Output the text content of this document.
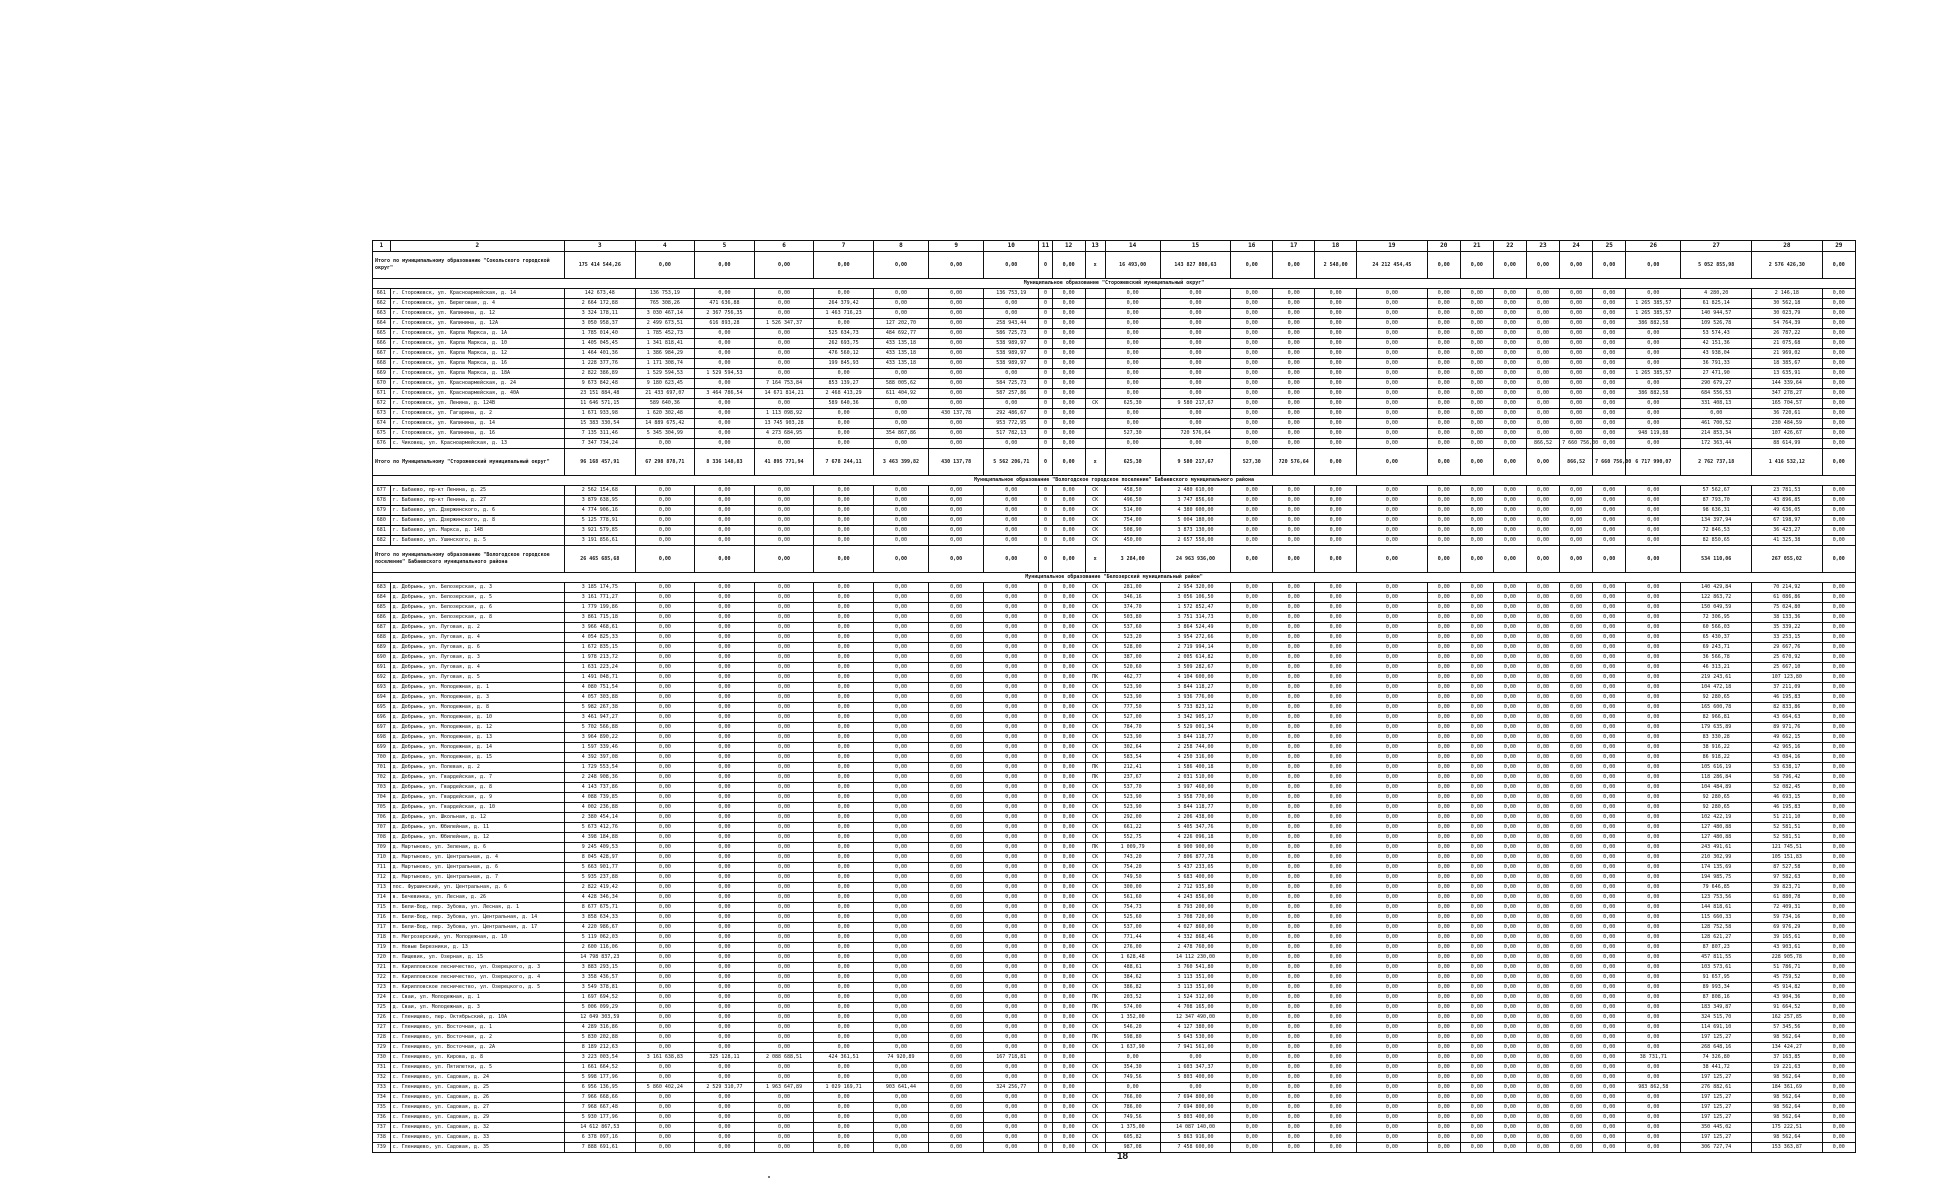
1	2	3	4	5	6	7	8	9	10	11	12	13	14	15	16	17	18	19	20	21	22	23	24	25	26	27	28	29
Итого по муниципальному образованию "Сокольского городской округ"		175 414 544,26	0,00	0,00	0,00	0,00	0,00	0,00	0,00	0	0,00	x	16 493,00	143 827 808,63	0,00	0,00	2 548,00	24 212 454,45	0,00	0,00	0,00	0,00	0,00	0,00	0,00	5 052 855,98	2 576 426,30	0,00
Муниципальное образование "Сторожевский муниципальный округ"																												
661	г. Сторожевск, ул. Красноармейская, д. 14	142 673,48	136 753,19	0,00	0,00	0,00	0,00	0,00	136 753,19	0	0,00		0,00	0,00	0,00	0,00	0,00	0,00	0,00	0,00	0,00	0,00	0,00	0,00	0,00	4 280,20	2 146,18	0,00
662	г. Сторожевск, ул. Береговая, д. 4	2 664 172,88	765 308,26	471 636,88	0,00	264 379,42	0,00	0,00	0,00	0	0,00		0,00	0,00	0,00	0,00	0,00	0,00	0,00	0,00	0,00	0,00	0,00	0,00	1 265 385,57	61 825,14	30 562,18	0,00
663	г. Сторожевск, ул. Калинина, д. 12	3 324 178,11	3 030 467,14	2 367 756,35	0,00	1 463 716,23	0,00	0,00	0,00	0	0,00		0,00	0,00	0,00	0,00	0,00	0,00	0,00	0,00	0,00	0,00	0,00	0,00	1 265 385,57	140 944,57	30 023,79	0,00
664	г. Сторожевск, ул. Калинина, д. 12А	3 050 958,37	2 499 673,51	616 893,28	1 526 347,37	0,00	127 202,70	0,00	258 943,44	0	0,00		0,00	0,00	0,00	0,00	0,00	0,00	0,00	0,00	0,00	0,00	0,00	0,00	386 882,58	109 526,78	54 764,39	0,00
665	г. Сторожевск, ул. Карла Маркса, д. 1А	1 785 014,40	1 785 452,73	0,00	0,00	525 634,73	484 692,77	0,00	586 725,73	0	0,00		0,00	0,00	0,00	0,00	0,00	0,00	0,00	0,00	0,00	0,00	0,00	0,00	0,00	53 574,43	26 787,22	0,00
666	г. Сторожевск, ул. Карла Маркса, д. 10	1 405 045,45	1 341 818,41	0,00	0,00	262 693,75	433 135,18	0,00	538 989,97	0	0,00		0,00	0,00	0,00	0,00	0,00	0,00	0,00	0,00	0,00	0,00	0,00	0,00	0,00	42 151,36	21 075,68	0,00
667	г. Сторожевск, ул. Карла Маркса, д. 12	1 464 401,36	1 386 984,29	0,00	0,00	476 560,12	433 135,18	0,00	538 989,97	0	0,00		0,00	0,00	0,00	0,00	0,00	0,00	0,00	0,00	0,00	0,00	0,00	0,00	0,00	43 938,04	21 969,02	0,00
668	г. Сторожевск, ул. Карла Маркса, д. 16	1 228 377,76	1 171 308,74	0,00	0,00	199 845,93	433 135,18	0,00	538 989,97	0	0,00		0,00	0,00	0,00	0,00	0,00	0,00	0,00	0,00	0,00	0,00	0,00	0,00	0,00	36 791,33	18 385,67	0,00
669	г. Сторожевск, ул. Карла Маркса, д. 18А	2 822 386,89	1 529 594,53	1 529 594,53	0,00	0,00	0,00	0,00	0,00	0	0,00		0,00	0,00	0,00	0,00	0,00	0,00	0,00	0,00	0,00	0,00	0,00	0,00	1 265 385,57	27 471,90	13 635,91	0,00
670	г. Сторожевск, ул. Красноармейская, д. 24	9 673 842,48	9 180 623,45	0,00	7 164 753,84	853 139,27	588 005,62	0,00	584 725,73	0	0,00		0,00	0,00	0,00	0,00	0,00	0,00	0,00	0,00	0,00	0,00	0,00	0,00	0,00	290 679,27	144 339,64	0,00
671	г. Сторожевск, ул. Красноармейская, д. 40А	23 151 884,48	21 433 697,07	3 464 786,54	14 671 814,21	2 468 413,29	611 404,92	0,00	587 257,86	0	0,00		0,00	0,00	0,00	0,00	0,00	0,00	0,00	0,00	0,00	0,00	0,00	0,00	386 882,58	684 556,53	347 278,27	0,00
672	г. Сторожевск, ул. Ленина, д. 124В	11 646 571,15	589 640,36	0,00	0,00	589 640,36	0,00	0,00	0,00	0	0,00	СК	625,30	9 580 217,67	0,00	0,00	0,00	0,00	0,00	0,00	0,00	0,00	0,00	0,00	0,00	331 408,13	165 704,57	0,00
673	г. Сторожевск, ул. Гагарина, д. 2	1 671 933,98	1 620 302,48	0,00	1 113 098,92	0,00	0,00	430 137,78	292 486,67	0	0,00		0,00	0,00	0,00	0,00	0,00	0,00	0,00	0,00	0,00	0,00	0,00	0,00	0,00	0,00	36 720,61	0,00
674	г. Сторожевск, ул. Калинина, д. 14	15 383 330,54	14 889 675,42	0,00	13 745 903,28	0,00	0,00	0,00	953 772,95	0	0,00		0,00	0,00	0,00	0,00	0,00	0,00	0,00	0,00	0,00	0,00	0,00	0,00	0,00	461 700,52	230 484,59	0,00
675	г. Сторожевск, ул. Калинина, д. 16	7 135 311,46	5 345 304,99	0,00	4 273 684,95	0,00	354 867,86	0,00	517 782,13	0	0,00		527,30	720 576,64	0,00	0,00	0,00	0,00	0,00	0,00	0,00	0,00	0,00	0,00	948 119,88	214 853,34	107 426,67	0,00
676	с. Чиковец, ул. Красноармейская, д. 13	7 347 734,24	0,00	0,00	0,00	0,00	0,00	0,00	0,00	0	0,00		0,00	0,00	0,00	0,00	0,00	0,00	0,00	0,00	0,00	866,52	7 660 756,00	0,00	0,00	172 363,44	88 614,99	0,00
Итого по Муниципальному "Сторожевский муниципальный округ"		96 168 457,91	67 298 878,71	8 336 148,83	41 895 771,94	7 678 244,11	3 463 399,82	430 137,78	5 562 206,71	0	0,00	x	625,30	9 580 217,67	527,30	720 576,64	0,00	0,00	0,00	0,00	0,00	0,00	866,52	7 660 756,00	6 717 990,07	2 762 737,18	1 416 532,12	0,00
Муниципальное образование "Вологодское городское поселение" Бабаевского муниципального района																												
677	г. Бабаево, пр-кт Ленина, д. 25	2 562 154,68	0,00	0,00	0,00	0,00	0,00	0,00	0,00	0	0,00	СК	458,50	2 480 610,00	0,00	0,00	0,00	0,00	0,00	0,00	0,00	0,00	0,00	0,00	0,00	57 562,67	23 781,53	0,00
678	г. Бабаево, пр-кт Ленина, д. 27	3 879 638,95	0,00	0,00	0,00	0,00	0,00	0,00	0,00	0	0,00	СК	496,50	3 747 856,60	0,00	0,00	0,00	0,00	0,00	0,00	0,00	0,00	0,00	0,00	0,00	87 793,70	43 896,85	0,00
679	г. Бабаево, ул. Дзержинского, д. 6	4 774 906,16	0,00	0,00	0,00	0,00	0,00	0,00	0,00	0	0,00	СК	514,00	4 380 600,00	0,00	0,00	0,00	0,00	0,00	0,00	0,00	0,00	0,00	0,00	0,00	98 636,31	49 636,05	0,00
680	г. Бабаево, ул. Дзержинского, д. 8	5 125 778,91	0,00	0,00	0,00	0,00	0,00	0,00	0,00	0	0,00	СК	754,00	5 004 180,00	0,00	0,00	0,00	0,00	0,00	0,00	0,00	0,00	0,00	0,00	0,00	134 397,94	67 198,97	0,00
681	г. Бабаево, ул. Маркса, д. 14В	3 921 579,85	0,00	0,00	0,00	0,00	0,00	0,00	0,00	0	0,00	СК	508,90	3 873 130,00	0,00	0,00	0,00	0,00	0,00	0,00	0,00	0,00	0,00	0,00	0,00	72 846,53	36 423,27	0,00
682	г. Бабаево, ул. Ушинского, д. 5	3 191 856,61	0,00	0,00	0,00	0,00	0,00	0,00	0,00	0	0,00	СК	450,00	2 657 550,00	0,00	0,00	0,00	0,00	0,00	0,00	0,00	0,00	0,00	0,00	0,00	82 850,65	41 325,38	0,00
Итого по муниципальному образованию "Вологодское городское поселение" Бабаевского муниципального района		26 465 685,68	0,00	0,00	0,00	0,00	0,00	0,00	0,00	0	0,00	x	3 284,00	24 963 936,00	0,00	0,00	0,00	0,00	0,00	0,00	0,00	0,00	0,00	0,00	0,00	534 110,06	267 055,02	0,00
Муниципальное образование "Белозерский муниципальный район"																												
683	д. Добрынь, ул. Белозерская, д. 3	3 185 174,75	0,00	0,00	0,00	0,00	0,00	0,00	0,00	0	0,00	СК	281,00	2 954 320,00	0,00	0,00	0,00	0,00	0,00	0,00	0,00	0,00	0,00	0,00	0,00	140 429,84	70 214,92	0,00
684	д. Добрынь, ул. Белозерская, д. 5	3 161 771,27	0,00	0,00	0,00	0,00	0,00	0,00	0,00	0	0,00	СК	346,16	3 056 106,50	0,00	0,00	0,00	0,00	0,00	0,00	0,00	0,00	0,00	0,00	0,00	122 863,72	61 086,86	0,00
685	д. Добрынь, ул. Белозерская, д. 6	1 779 199,86	0,00	0,00	0,00	0,00	0,00	0,00	0,00	0	0,00	СК	374,70	1 572 852,47	0,00	0,00	0,00	0,00	0,00	0,00	0,00	0,00	0,00	0,00	0,00	150 049,59	75 024,80	0,00
686	д. Добрынь, ул. Белозерская, д. 8	3 861 715,18	0,00	0,00	0,00	0,00	0,00	0,00	0,00	0	0,00	СК	503,80	3 751 314,73	0,00	0,00	0,00	0,00	0,00	0,00	0,00	0,00	0,00	0,00	0,00	72 306,95	38 133,36	0,00
687	д. Добрынь, ул. Луговая, д. 2	3 966 468,61	0,00	0,00	0,00	0,00	0,00	0,00	0,00	0	0,00	СК	537,60	3 864 524,49	0,00	0,00	0,00	0,00	0,00	0,00	0,00	0,00	0,00	0,00	0,00	60 566,03	35 339,22	0,00
688	д. Добрынь, ул. Луговая, д. 4	4 054 825,33	0,00	0,00	0,00	0,00	0,00	0,00	0,00	0	0,00	СК	523,20	3 954 272,66	0,00	0,00	0,00	0,00	0,00	0,00	0,00	0,00	0,00	0,00	0,00	65 430,37	33 253,15	0,00
689	д. Добрынь, ул. Луговая, д. 6	1 672 835,15	0,00	0,00	0,00	0,00	0,00	0,00	0,00	0	0,00	СК	528,00	2 719 994,14	0,00	0,00	0,00	0,00	0,00	0,00	0,00	0,00	0,00	0,00	0,00	69 243,71	29 667,76	0,00
690	д. Добрынь, ул. Луговая, д. 3	1 978 213,72	0,00	0,00	0,00	0,00	0,00	0,00	0,00	0	0,00	СК	387,00	2 005 614,82	0,00	0,00	0,00	0,00	0,00	0,00	0,00	0,00	0,00	0,00	0,00	36 566,78	25 670,92	0,00
691	д. Добрынь, ул. Луговая, д. 4	1 631 223,24	0,00	0,00	0,00	0,00	0,00	0,00	0,00	0	0,00	СК	520,60	3 509 282,67	0,00	0,00	0,00	0,00	0,00	0,00	0,00	0,00	0,00	0,00	0,00	46 313,21	25 667,10	0,00
692	д. Добрынь, ул. Луговая, д. 5	1 491 048,71	0,00	0,00	0,00	0,00	0,00	0,00	0,00	0	0,00	ПК	462,77	4 104 600,00	0,00	0,00	0,00	0,00	0,00	0,00	0,00	0,00	0,00	0,00	0,00	219 243,61	107 123,80	0,00
693	д. Добрынь, ул. Молодежная, д. 1	4 080 751,54	0,00	0,00	0,00	0,00	0,00	0,00	0,00	0	0,00	СК	523,90	3 844 118,27	0,00	0,00	0,00	0,00	0,00	0,00	0,00	0,00	0,00	0,00	0,00	104 472,18	37 211,09	0,00
694	д. Добрынь, ул. Молодежная, д. 3	4 057 303,88	0,00	0,00	0,00	0,00	0,00	0,00	0,00	0	0,00	СК	523,90	3 936 776,00	0,00	0,00	0,00	0,00	0,00	0,00	0,00	0,00	0,00	0,00	0,00	92 280,65	46 195,83	0,00
695	д. Добрынь, ул. Молодежная, д. 8	5 982 267,38	0,00	0,00	0,00	0,00	0,00	0,00	0,00	0	0,00	СК	777,50	5 733 823,12	0,00	0,00	0,00	0,00	0,00	0,00	0,00	0,00	0,00	0,00	0,00	165 600,78	82 833,86	0,00
696	д. Добрынь, ул. Молодежная, д. 10	3 461 947,27	0,00	0,00	0,00	0,00	0,00	0,00	0,00	0	0,00	СК	527,00	3 342 905,17	0,00	0,00	0,00	0,00	0,00	0,00	0,00	0,00	0,00	0,00	0,00	82 966,81	43 664,63	0,00
697	д. Добрынь, ул. Молодежная, д. 12	5 702 566,88	0,00	0,00	0,00	0,00	0,00	0,00	0,00	0	0,00	СК	784,70	5 529 001,34	0,00	0,00	0,00	0,00	0,00	0,00	0,00	0,00	0,00	0,00	0,00	179 635,89	89 971,76	0,00
698	д. Добрынь, ул. Молодежная, д. 13	3 964 890,22	0,00	0,00	0,00	0,00	0,00	0,00	0,00	0	0,00	СК	523,90	3 844 118,77	0,00	0,00	0,00	0,00	0,00	0,00	0,00	0,00	0,00	0,00	0,00	83 330,28	49 662,15	0,00
699	д. Добрынь, ул. Молодежная, д. 14	1 597 339,46	0,00	0,00	0,00	0,00	0,00	0,00	0,00	0	0,00	СК	302,64	2 258 744,00	0,00	0,00	0,00	0,00	0,00	0,00	0,00	0,00	0,00	0,00	0,00	38 916,22	42 965,16	0,00
700	д. Добрынь, ул. Молодежная, д. 15	4 392 397,08	0,00	0,00	0,00	0,00	0,00	0,00	0,00	0	0,00	СК	583,54	4 250 316,00	0,00	0,00	0,00	0,00	0,00	0,00	0,00	0,00	0,00	0,00	0,00	86 918,22	43 084,16	0,00
701	д. Добрынь, ул. Полевая, д. 2	1 729 553,54	0,00	0,00	0,00	0,00	0,00	0,00	0,00	0	0,00	ПК	212,41	1 586 400,18	0,00	0,00	0,00	0,00	0,00	0,00	0,00	0,00	0,00	0,00	0,00	105 616,19	53 638,17	0,00
702	д. Добрынь, ул. Гвардейская, д. 7	2 248 908,36	0,00	0,00	0,00	0,00	0,00	0,00	0,00	0	0,00	ПК	237,67	2 031 510,00	0,00	0,00	0,00	0,00	0,00	0,00	0,00	0,00	0,00	0,00	0,00	118 286,84	58 796,42	0,00
703	д. Добрынь, ул. Гвардейская, д. 8	4 143 737,86	0,00	0,00	0,00	0,00	0,00	0,00	0,00	0	0,00	СК	537,70	3 997 460,00	0,00	0,00	0,00	0,00	0,00	0,00	0,00	0,00	0,00	0,00	0,00	104 484,89	52 082,45	0,00
704	д. Добрынь, ул. Гвардейская, д. 9	4 088 739,85	0,00	0,00	0,00	0,00	0,00	0,00	0,00	0	0,00	СК	523,90	3 958 770,00	0,00	0,00	0,00	0,00	0,00	0,00	0,00	0,00	0,00	0,00	0,00	92 280,65	46 693,15	0,00
705	д. Добрынь, ул. Гвардейская, д. 10	4 002 236,88	0,00	0,00	0,00	0,00	0,00	0,00	0,00	0	0,00	СК	523,90	3 844 118,77	0,00	0,00	0,00	0,00	0,00	0,00	0,00	0,00	0,00	0,00	0,00	92 280,65	46 195,83	0,00
706	д. Добрынь, ул. Школьная, д. 12	2 380 454,14	0,00	0,00	0,00	0,00	0,00	0,00	0,00	0	0,00	СК	292,00	2 206 438,00	0,00	0,00	0,00	0,00	0,00	0,00	0,00	0,00	0,00	0,00	0,00	102 422,19	51 211,10	0,00
707	д. Добрынь, ул. Юбилейная, д. 11	5 673 412,76	0,00	0,00	0,00	0,00	0,00	0,00	0,00	0	0,00	СК	661,22	5 405 347,76	0,00	0,00	0,00	0,00	0,00	0,00	0,00	0,00	0,00	0,00	0,00	127 480,88	52 581,51	0,00
708	д. Добрынь, ул. Юбилейная, д. 12	4 398 184,88	0,00	0,00	0,00	0,00	0,00	0,00	0,00	0	0,00	СК	552,75	4 226 096,18	0,00	0,00	0,00	0,00	0,00	0,00	0,00	0,00	0,00	0,00	0,00	127 480,88	52 581,51	0,00
709	д. Мартыново, ул. Зеленая, д. 6	9 245 409,53	0,00	0,00	0,00	0,00	0,00	0,00	0,00	0	0,00	ПК	1 009,79	8 900 900,00	0,00	0,00	0,00	0,00	0,00	0,00	0,00	0,00	0,00	0,00	0,00	243 491,61	121 745,51	0,00
710	д. Мартыново, ул. Центральная, д. 4	8 045 428,97	0,00	0,00	0,00	0,00	0,00	0,00	0,00	0	0,00	СК	743,20	7 806 877,78	0,00	0,00	0,00	0,00	0,00	0,00	0,00	0,00	0,00	0,00	0,00	210 302,99	105 151,83	0,00
711	д. Мартыново, ул. Центральная, д. 6	5 663 901,77	0,00	0,00	0,00	0,00	0,00	0,00	0,00	0	0,00	СК	754,20	5 437 233,05	0,00	0,00	0,00	0,00	0,00	0,00	0,00	0,00	0,00	0,00	0,00	174 135,69	87 527,58	0,00
712	д. Мартыново, ул. Центральная, д. 7	5 935 237,88	0,00	0,00	0,00	0,00	0,00	0,00	0,00	0	0,00	СК	749,50	5 683 400,00	0,00	0,00	0,00	0,00	0,00	0,00	0,00	0,00	0,00	0,00	0,00	194 985,75	97 582,63	0,00
713	пос. Фуршинский, ул. Центральная, д. 6	2 822 419,42	0,00	0,00	0,00	0,00	0,00	0,00	0,00	0	0,00	СК	300,00	2 712 935,80	0,00	0,00	0,00	0,00	0,00	0,00	0,00	0,00	0,00	0,00	0,00	79 646,85	39 823,71	0,00
714	в. Бечевинка, ул. Лесная, д. 26	4 428 346,34	0,00	0,00	0,00	0,00	0,00	0,00	0,00	0	0,00	СК	561,60	4 243 856,00	0,00	0,00	0,00	0,00	0,00	0,00	0,00	0,00	0,00	0,00	0,00	123 753,56	61 880,78	0,00
715	п. Бели-Вод, пер. Зубова, ул. Лесная, д. 1	8 677 675,71	0,00	0,00	0,00	0,00	0,00	0,00	0,00	0	0,00	СК	754,73	8 793 200,00	0,00	0,00	0,00	0,00	0,00	0,00	0,00	0,00	0,00	0,00	0,00	144 818,61	72 409,31	0,00
716	п. Бели-Вод, пер. Зубова, ул. Центральная, д. 14	3 858 634,33	0,00	0,00	0,00	0,00	0,00	0,00	0,00	0	0,00	СК	525,60	3 708 720,00	0,00	0,00	0,00	0,00	0,00	0,00	0,00	0,00	0,00	0,00	0,00	115 660,33	59 734,16	0,00
717	п. Бели-Вод, пер. Зубова, ул. Центральная, д. 17	4 220 986,67	0,00	0,00	0,00	0,00	0,00	0,00	0,00	0	0,00	СК	537,00	4 027 860,00	0,00	0,00	0,00	0,00	0,00	0,00	0,00	0,00	0,00	0,00	0,00	128 752,58	69 976,29	0,00
718	п. Мегрозерский, ул. Молодежная, д. 10	5 119 062,03	0,00	0,00	0,00	0,00	0,00	0,00	0,00	0	0,00	СК	771,44	4 332 868,46	0,00	0,00	0,00	0,00	0,00	0,00	0,00	0,00	0,00	0,00	0,00	128 621,27	39 165,61	0,00
719	п. Новые Березники, д. 13	2 600 116,06	0,00	0,00	0,00	0,00	0,00	0,00	0,00	0	0,00	СК	276,00	2 478 760,00	0,00	0,00	0,00	0,00	0,00	0,00	0,00	0,00	0,00	0,00	0,00	87 807,23	43 903,61	0,00
720	п. Пищевик, ул. Озерная, д. 15	14 798 837,23	0,00	0,00	0,00	0,00	0,00	0,00	0,00	0	0,00	СК	1 628,48	14 112 230,00	0,00	0,00	0,00	0,00	0,00	0,00	0,00	0,00	0,00	0,00	0,00	457 811,55	228 905,78	0,00
721	п. Кирилловское лесничество, ул. Озерецкого, д. 3	3 883 293,15	0,00	0,00	0,00	0,00	0,00	0,00	0,00	0	0,00	СК	488,61	3 760 541,80	0,00	0,00	0,00	0,00	0,00	0,00	0,00	0,00	0,00	0,00	0,00	103 573,61	51 786,71	0,00
722	п. Кирилловское лесничество, ул. Озерецкого, д. 4	3 358 436,57	0,00	0,00	0,00	0,00	0,00	0,00	0,00	0	0,00	СК	384,62	3 113 351,00	0,00	0,00	0,00	0,00	0,00	0,00	0,00	0,00	0,00	0,00	0,00	91 657,95	45 759,52	0,00
723	п. Кирилловское лесничество, ул. Озерецкого, д. 5	3 549 378,81	0,00	0,00	0,00	0,00	0,00	0,00	0,00	0	0,00	СК	386,82	3 113 351,00	0,00	0,00	0,00	0,00	0,00	0,00	0,00	0,00	0,00	0,00	0,00	89 993,34	45 914,82	0,00
724	с. Сваи, ул. Молодежная, д. 1	1 697 694,52	0,00	0,00	0,00	0,00	0,00	0,00	0,00	0	0,00	ПК	203,52	1 524 312,00	0,00	0,00	0,00	0,00	0,00	0,00	0,00	0,00	0,00	0,00	0,00	87 808,16	43 904,36	0,00
725	д. Сваи, ул. Молодежная, д. 3	5 006 099,29	0,00	0,00	0,00	0,00	0,00	0,00	0,00	0	0,00	ПК	574,00	4 708 165,00	0,00	0,00	0,00	0,00	0,00	0,00	0,00	0,00	0,00	0,00	0,00	183 349,87	91 664,52	0,00
726	с. Гленищево, пер. Октябрьский, д. 10А	12 049 303,59	0,00	0,00	0,00	0,00	0,00	0,00	0,00	0	0,00	СК	1 352,00	12 347 490,00	0,00	0,00	0,00	0,00	0,00	0,00	0,00	0,00	0,00	0,00	0,00	324 515,70	162 257,85	0,00
727	с. Гленищево, ул. Восточная, д. 1	4 289 316,86	0,00	0,00	0,00	0,00	0,00	0,00	0,00	0	0,00	СК	546,20	4 127 380,00	0,00	0,00	0,00	0,00	0,00	0,00	0,00	0,00	0,00	0,00	0,00	114 691,10	57 345,56	0,00
728	с. Гленищево, ул. Восточная, д. 2	5 830 202,88	0,00	0,00	0,00	0,00	0,00	0,00	0,00	0	0,00	ПК	598,80	5 643 530,00	0,00	0,00	0,00	0,00	0,00	0,00	0,00	0,00	0,00	0,00	0,00	197 125,27	98 562,64	0,00
729	с. Гленищево, ул. Восточная, д. 2А	8 189 212,63	0,00	0,00	0,00	0,00	0,00	0,00	0,00	0	0,00	СК	1 637,90	7 941 561,00	0,00	0,00	0,00	0,00	0,00	0,00	0,00	0,00	0,00	0,00	0,00	268 648,16	134 424,27	0,00
730	с. Гленищево, ул. Кирова, д. 8	3 223 003,54	3 161 638,83	325 128,11	2 088 688,51	424 361,51	74 920,89	0,00	167 718,81	0	0,00		0,00	0,00	0,00	0,00	0,00	0,00	0,00	0,00	0,00	0,00	0,00	0,00	38 731,71	74 326,80	37 163,85	0,00
731	с. Гленищево, ул. Пятилетки, д. 5	1 661 664,52	0,00	0,00	0,00	0,00	0,00	0,00	0,00	0	0,00	СК	354,30	1 603 347,37	0,00	0,00	0,00	0,00	0,00	0,00	0,00	0,00	0,00	0,00	0,00	38 441,72	19 221,63	0,00
732	с. Гленищево, ул. Садовая, д. 24	5 998 177,96	0,00	0,00	0,00	0,00	0,00	0,00	0,00	0	0,00	СК	749,56	5 803 400,00	0,00	0,00	0,00	0,00	0,00	0,00	0,00	0,00	0,00	0,00	0,00	197 125,27	98 562,64	0,00
733	с. Гленищево, ул. Садовая, д. 25	6 956 136,95	5 860 402,24	2 529 310,77	1 963 647,89	1 029 169,71	903 641,44	0,00	324 256,77	0	0,00		0,00	0,00	0,00	0,00	0,00	0,00	0,00	0,00	0,00	0,00	0,00	0,00	983 862,58	276 882,61	184 361,69	0,00
734	с. Гленищево, ул. Садовая, д. 26	7 966 668,66	0,00	0,00	0,00	0,00	0,00	0,00	0,00	0	0,00	СК	766,00	7 694 800,00	0,00	0,00	0,00	0,00	0,00	0,00	0,00	0,00	0,00	0,00	0,00	197 125,27	98 562,64	0,00
735	с. Гленищево, ул. Садовая, д. 27	7 968 667,48	0,00	0,00	0,00	0,00	0,00	0,00	0,00	0	0,00	СК	786,00	7 694 800,00	0,00	0,00	0,00	0,00	0,00	0,00	0,00	0,00	0,00	0,00	0,00	197 125,27	98 562,64	0,00
736	с. Гленищево, ул. Садовая, д. 29	5 930 177,96	0,00	0,00	0,00	0,00	0,00	0,00	0,00	0	0,00	СК	749,56	5 803 400,00	0,00	0,00	0,00	0,00	0,00	0,00	0,00	0,00	0,00	0,00	0,00	197 125,27	98 562,64	0,00
737	с. Гленищево, ул. Садовая, д. 32	14 612 867,53	0,00	0,00	0,00	0,00	0,00	0,00	0,00	0	0,00	СК	1 375,00	14 087 140,00	0,00	0,00	0,00	0,00	0,00	0,00	0,00	0,00	0,00	0,00	0,00	350 445,02	175 222,51	0,00
738	с. Гленищево, ул. Садовая, д. 33	6 378 097,16	0,00	0,00	0,00	0,00	0,00	0,00	0,00	0	0,00	СК	605,82	5 863 916,00	0,00	0,00	0,00	0,00	0,00	0,00	0,00	0,00	0,00	0,00	0,00	197 125,27	98 562,64	0,00
739	с. Гленищево, ул. Садовая, д. 35	7 888 691,61	0,00	0,00	0,00	0,00	0,00	0,00	0,00	0	0,00	СК	987,08	7 458 600,00	0,00	0,00	0,00	0,00	0,00	0,00	0,00	0,00	0,00	0,00	0,00	306 727,74	153 363,87	0,00
18
